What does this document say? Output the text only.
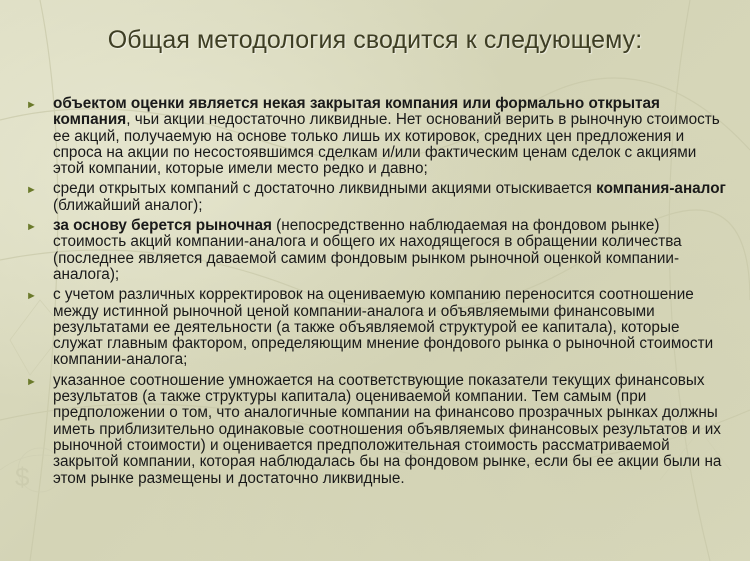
$
Общая методология сводится к следующему:
► объектом оценки является некая закрытая компания или формально открытая компания, чьи акции недостаточно ликвидные. Нет оснований верить в рыночную стоимость ее акций, получаемую на основе только лишь их котировок, средних цен предложения и спроса на акции по несостоявшимся сделкам и/или фактическим ценам сделок с акциями этой компании, которые имели место редко и давно;
► среди открытых компаний с достаточно ликвидными акциями отыскивается компания-аналог (ближайший аналог);
► за основу берется рыночная (непосредственно наблюдаемая на фондовом рынке) стоимость акций компании-аналога и общего их находящегося в обращении количества (последнее является даваемой самим фондовым рынком рыночной оценкой компании-аналога);
► с учетом различных корректировок на оцениваемую компанию переносится соотношение между истинной рыночной ценой компании-аналога и объявляемыми финансовыми результатами ее деятельности (а также объявляемой структурой ее капитала), которые служат главным фактором, определяющим мнение фондового рынка о рыночной стоимости компании-аналога;
► указанное соотношение умножается на соответствующие показатели текущих финансовых результатов (а также структуры капитала) оцениваемой компании. Тем самым (при предположении о том, что аналогичные компании на финансово прозрачных рынках должны иметь приблизительно одинаковые соотношения объявляемых финансовых результатов и их рыночной стоимости) и оценивается предположительная стоимость рассматриваемой закрытой компании, которая наблюдалась бы на фондовом рынке, если бы ее акции были на этом рынке размещены и достаточно ликвидные.
